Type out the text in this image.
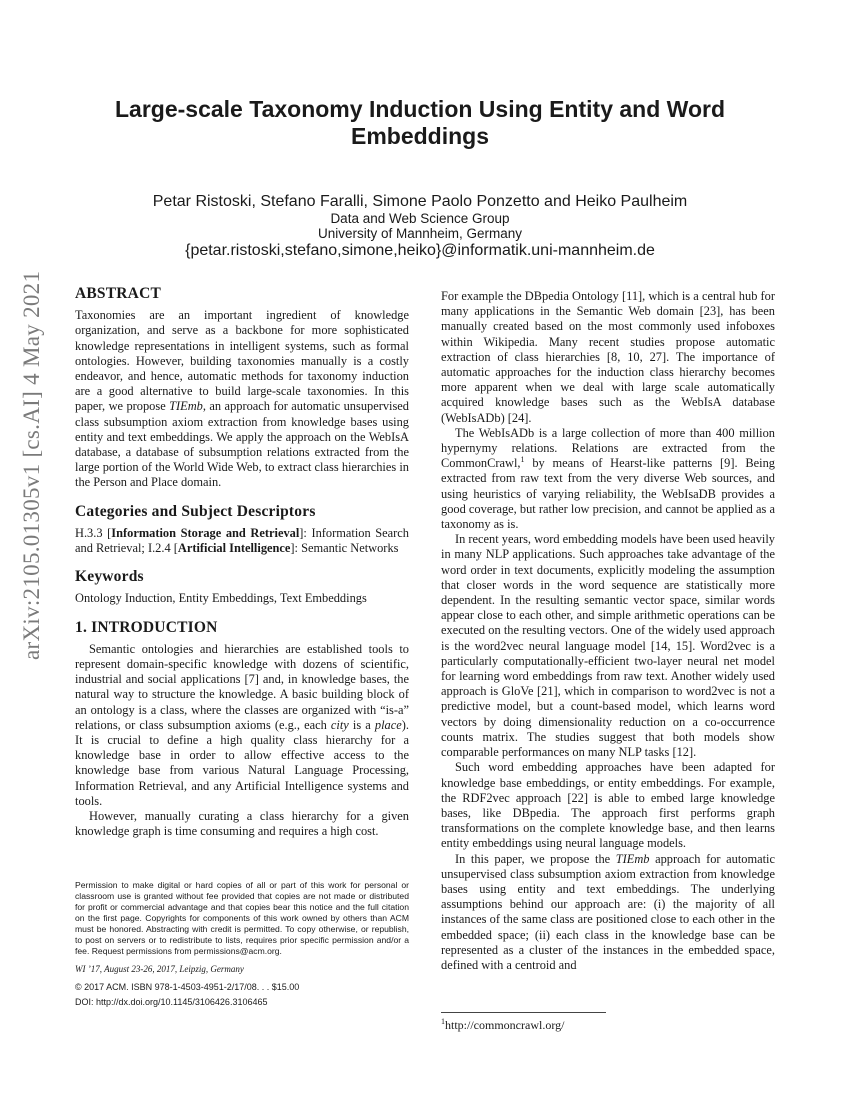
arXiv:2105.01305v1 [cs.AI] 4 May 2021
Large-scale Taxonomy Induction Using Entity and Word Embeddings
Petar Ristoski, Stefano Faralli, Simone Paolo Ponzetto and Heiko Paulheim
Data and Web Science Group
University of Mannheim, Germany
{petar.ristoski,stefano,simone,heiko}@informatik.uni-mannheim.de
ABSTRACT

Taxonomies are an important ingredient of knowledge organization, and serve as a backbone for more sophisticated knowledge representations in intelligent systems, such as formal ontologies. However, building taxonomies manually is a costly endeavor, and hence, automatic methods for taxonomy induction are a good alternative to build large-scale taxonomies. In this paper, we propose TIEmb, an approach for automatic unsupervised class subsumption axiom extraction from knowledge bases using entity and text embeddings. We apply the approach on the WebIsA database, a database of subsumption relations extracted from the large portion of the World Wide Web, to extract class hierarchies in the Person and Place domain.

Categories and Subject Descriptors

H.3.3 [Information Storage and Retrieval]: Information Search and Retrieval; I.2.4 [Artificial Intelligence]: Semantic Networks

Keywords

Ontology Induction, Entity Embeddings, Text Embeddings

1. INTRODUCTION

Semantic ontologies and hierarchies are established tools to represent domain-specific knowledge with dozens of scientific, industrial and social applications [7] and, in knowledge bases, the natural way to structure the knowledge. A basic building block of an ontology is a class, where the classes are organized with “is-a” relations, or class subsumption axioms (e.g., each city is a place). It is crucial to define a high quality class hierarchy for a knowledge base in order to allow effective access to the knowledge base from various Natural Language Processing, Information Retrieval, and any Artificial Intelligence systems and tools.

However, manually curating a class hierarchy for a given knowledge graph is time consuming and requires a high cost.

Permission to make digital or hard copies of all or part of this work for personal or classroom use is granted without fee provided that copies are not made or distributed for profit or commercial advantage and that copies bear this notice and the full citation on the first page. Copyrights for components of this work owned by others than ACM must be honored. Abstracting with credit is permitted. To copy otherwise, or republish, to post on servers or to redistribute to lists, requires prior specific permission and/or a fee. Request permissions from permissions@acm.org.
WI ’17, August 23-26, 2017, Leipzig, Germany
© 2017 ACM. ISBN 978-1-4503-4951-2/17/08. . . $15.00
DOI: http://dx.doi.org/10.1145/3106426.3106465

For example the DBpedia Ontology [11], which is a central hub for many applications in the Semantic Web domain [23], has been manually created based on the most commonly used infoboxes within Wikipedia. Many recent studies propose automatic extraction of class hierarchies [8, 10, 27]. The importance of automatic approaches for the induction class hierarchy becomes more apparent when we deal with large scale automatically acquired knowledge bases such as the WebIsA database (WebIsADb) [24].

The WebIsADb is a large collection of more than 400 million hypernymy relations. Relations are extracted from the CommonCrawl,$^1$ by means of Hearst-like patterns [9]. Being extracted from raw text from the very diverse Web sources, and using heuristics of varying reliability, the WebIsaDB provides a good coverage, but rather low precision, and cannot be applied as a taxonomy as is.

In recent years, word embedding models have been used heavily in many NLP applications. Such approaches take advantage of the word order in text documents, explicitly modeling the assumption that closer words in the word sequence are statistically more dependent. In the resulting semantic vector space, similar words appear close to each other, and simple arithmetic operations can be executed on the resulting vectors. One of the widely used approach is the word2vec neural language model [14, 15]. Word2vec is a particularly computationally-efficient two-layer neural net model for learning word embeddings from raw text. Another widely used approach is GloVe [21], which in comparison to word2vec is not a predictive model, but a count-based model, which learns word vectors by doing dimensionality reduction on a co-occurrence counts matrix. The studies suggest that both models show comparable performances on many NLP tasks [12].

Such word embedding approaches have been adapted for knowledge base embeddings, or entity embeddings. For example, the RDF2vec approach [22] is able to embed large knowledge bases, like DBpedia. The approach first performs graph transformations on the complete knowledge base, and then learns entity embeddings using neural language models.

In this paper, we propose the TIEmb approach for automatic unsupervised class subsumption axiom extraction from knowledge bases using entity and text embeddings. The underlying assumptions behind our approach are: (i) the majority of all instances of the same class are positioned close to each other in the embedded space; (ii) each class in the knowledge base can be represented as a cluster of the instances in the embedded space, defined with a centroid and

$^1$http://commoncrawl.org/
